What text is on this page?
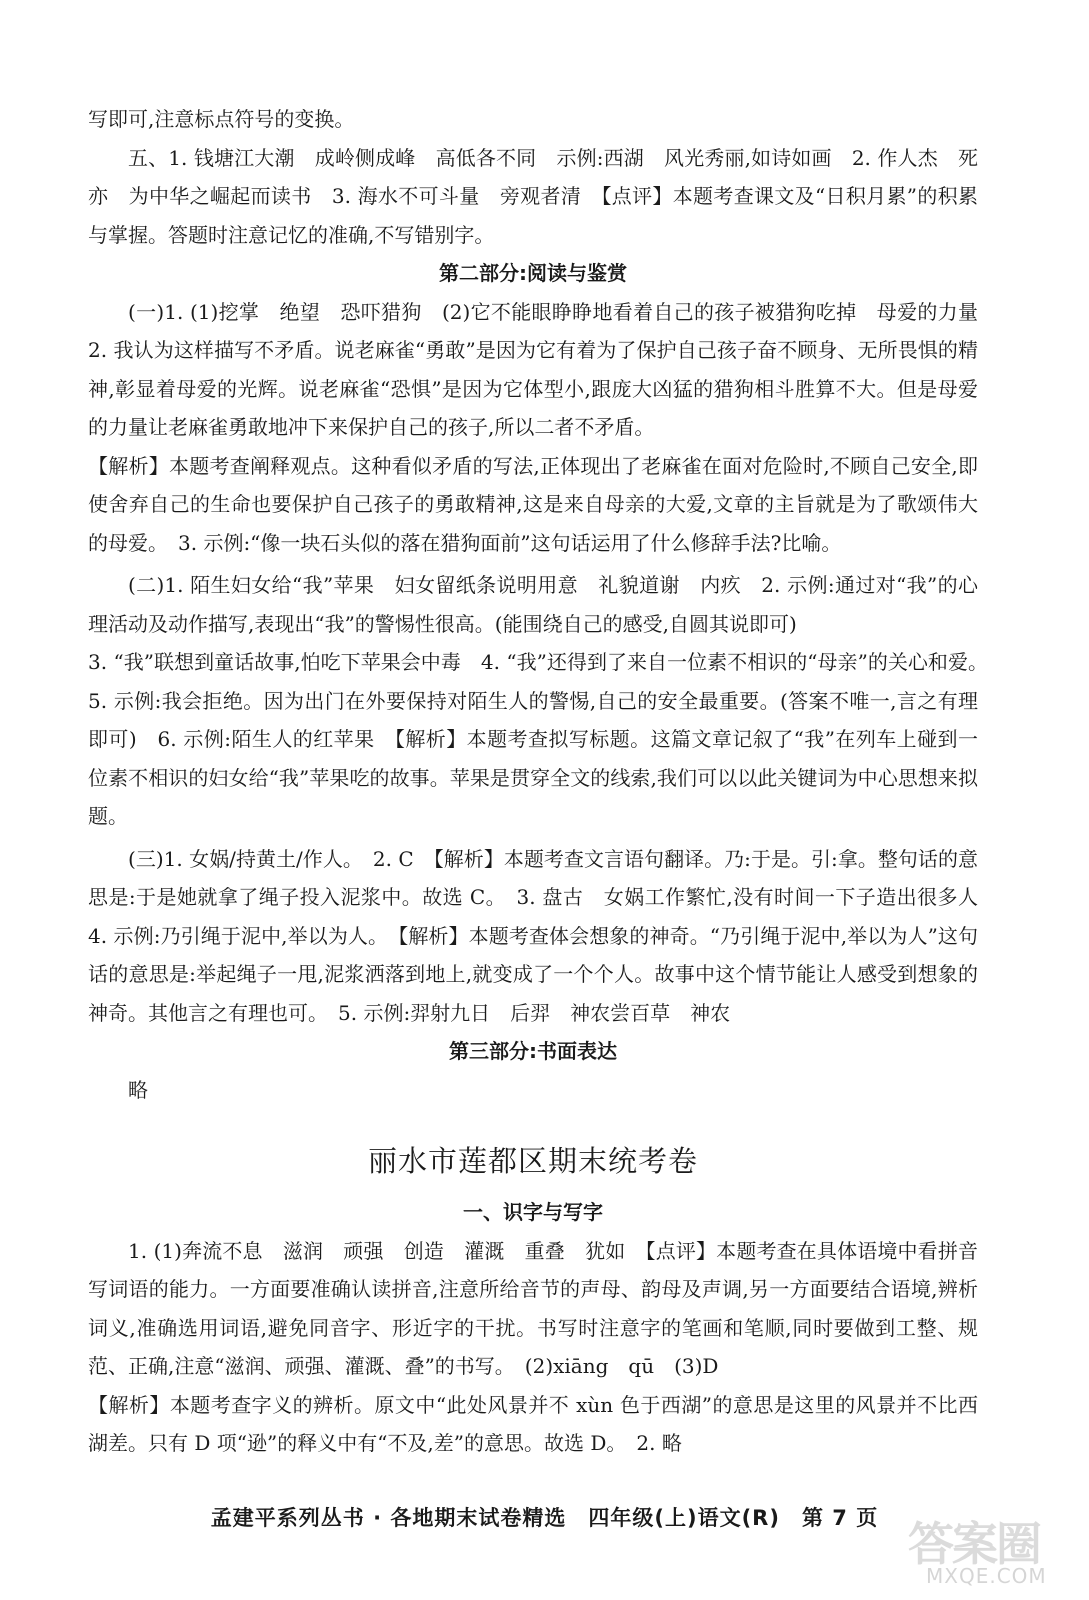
写即可,注意标点符号的变换。

五、1. 钱塘江大潮　成岭侧成峰　高低各不同　示例:西湖　风光秀丽,如诗如画　2. 作人杰　死亦　为中华之崛起而读书　3. 海水不可斗量　旁观者清　【点评】本题考查课文及“日积月累”的积累与掌握。答题时注意记忆的准确,不写错别字。

第二部分:阅读与鉴赏

(一)1. (1)挖掌　绝望　恐吓猎狗　(2)它不能眼睁睁地看着自己的孩子被猎狗吃掉　母爱的力量　2. 我认为这样描写不矛盾。说老麻雀“勇敢”是因为它有着为了保护自己孩子奋不顾身、无所畏惧的精神,彰显着母爱的光辉。说老麻雀“恐惧”是因为它体型小,跟庞大凶猛的猎狗相斗胜算不大。但是母爱的力量让老麻雀勇敢地冲下来保护自己的孩子,所以二者不矛盾。

【解析】本题考查阐释观点。这种看似矛盾的写法,正体现出了老麻雀在面对危险时,不顾自己安全,即使舍弃自己的生命也要保护自己孩子的勇敢精神,这是来自母亲的大爱,文章的主旨就是为了歌颂伟大的母爱。　3. 示例:“像一块石头似的落在猎狗面前”这句话运用了什么修辞手法?比喻。

(二)1. 陌生妇女给“我”苹果　妇女留纸条说明用意　礼貌道谢　内疚　2. 示例:通过对“我”的心理活动及动作描写,表现出“我”的警惕性很高。(能围绕自己的感受,自圆其说即可)

3. “我”联想到童话故事,怕吃下苹果会中毒　4. “我”还得到了来自一位素不相识的“母亲”的关心和爱。　5. 示例:我会拒绝。因为出门在外要保持对陌生人的警惕,自己的安全最重要。(答案不唯一,言之有理即可)　6. 示例:陌生人的红苹果　【解析】本题考查拟写标题。这篇文章记叙了“我”在列车上碰到一位素不相识的妇女给“我”苹果吃的故事。苹果是贯穿全文的线索,我们可以以此关键词为中心思想来拟题。

(三)1. 女娲/持黄土/作人。　2. C　【解析】本题考查文言语句翻译。乃:于是。引:拿。整句话的意思是:于是她就拿了绳子投入泥浆中。故选 C。　3. 盘古　女娲工作繁忙,没有时间一下子造出很多人　4. 示例:乃引绳于泥中,举以为人。　【解析】本题考查体会想象的神奇。“乃引绳于泥中,举以为人”这句话的意思是:举起绳子一甩,泥浆洒落到地上,就变成了一个个人。故事中这个情节能让人感受到想象的神奇。其他言之有理也可。　5. 示例:羿射九日　后羿　神农尝百草　神农

第三部分:书面表达

略

丽水市莲都区期末统考卷

一、识字与写字

1. (1)奔流不息　滋润　顽强　创造　灌溉　重叠　犹如　【点评】本题考查在具体语境中看拼音写词语的能力。一方面要准确认读拼音,注意所给音节的声母、韵母及声调,另一方面要结合语境,辨析词义,准确选用词语,避免同音字、形近字的干扰。书写时注意字的笔画和笔顺,同时要做到工整、规范、正确,注意“滋润、顽强、灌溉、叠”的书写。　(2)xiāng　qū　(3)D

【解析】本题考查字义的辨析。原文中“此处风景并不 xùn 色于西湖”的意思是这里的风景并不比西湖差。只有 D 项“逊”的释义中有“不及,差”的意思。故选 D。　2. 略

孟建平系列丛书 · 各地期末试卷精选　四年级(上)语文(R)　第 7 页 答案圈
MXQE.COM
